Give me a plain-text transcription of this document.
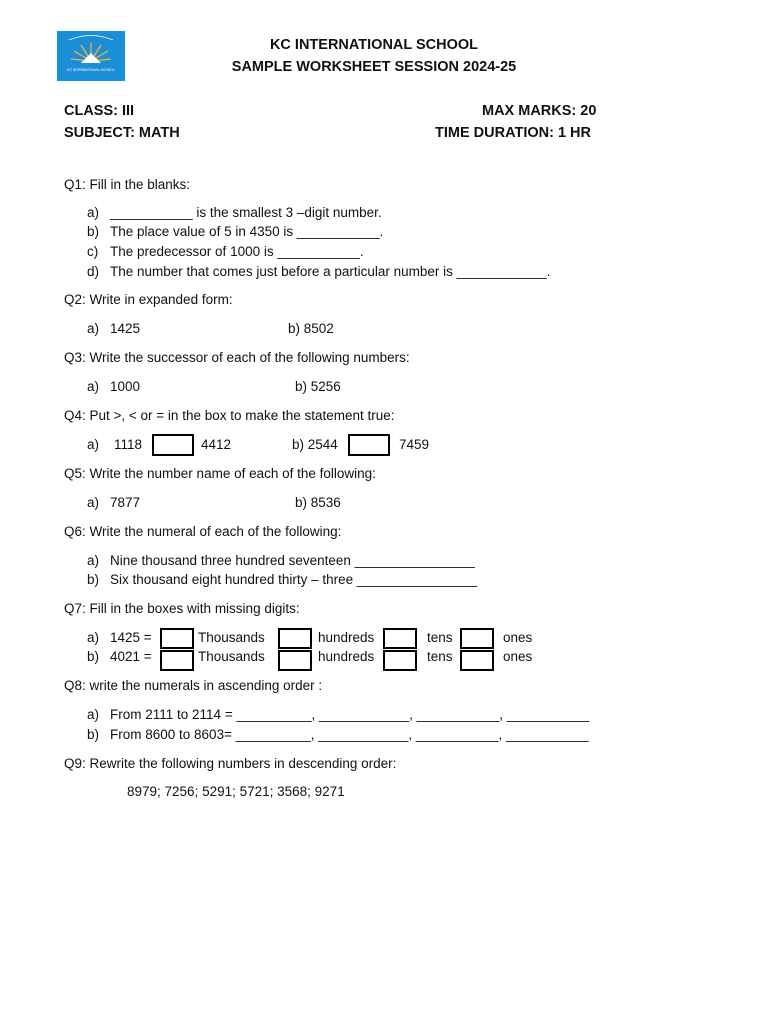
KC INTERNATIONAL SCHOOL
KC INTERNATIONAL SCHOOL
SAMPLE WORKSHEET SESSION 2024-25
CLASS: III	MAX MARKS: 20
SUBJECT: MATH	TIME DURATION: 1 HR
Q1: Fill in the blanks:
a) ___________ is the smallest 3 –digit number.
b) The place value of 5 in 4350 is ___________.
c) The predecessor of 1000 is ___________.
d) The number that comes just before a particular number is ____________.
Q2: Write in expanded form:
a) 1425	b) 8502
Q3: Write the successor of each of the following numbers:
a) 1000	b) 5256
Q4: Put >, < or = in the box to make the statement true:
a) 1118	4412	b) 2544	7459
Q5: Write the number name of each of the following:
a) 7877	b) 8536
Q6: Write the numeral of each of the following:
a) Nine thousand three hundred seventeen ________________
b) Six thousand eight hundred thirty – three ________________
Q7: Fill in the boxes with missing digits:
a) 1425 =	Thousands	hundreds	tens	ones
b) 4021 =	Thousands	hundreds	tens	ones
Q8: write the numerals in ascending order :
a) From 2111 to 2114 = __________, ____________, ___________, ___________
b) From 8600 to 8603= __________, ____________, ___________, ___________
Q9: Rewrite the following numbers in descending order:
8979; 7256; 5291; 5721; 3568; 9271
